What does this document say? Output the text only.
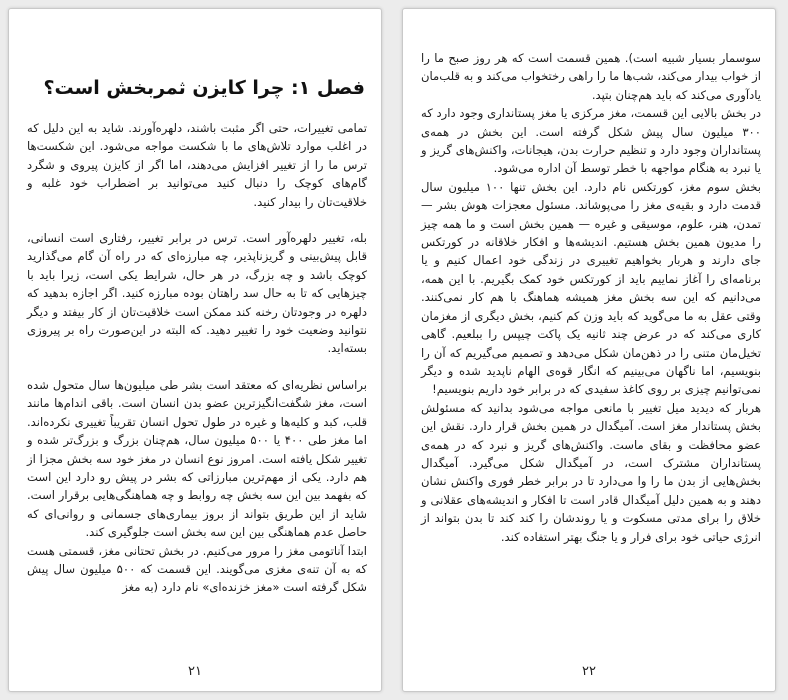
فصل ۱: چرا کایزن ثمربخش است؟

تمامی تغییرات، حتی اگر مثبت باشند، دلهره‌آورند. شاید به این دلیل که در اغلب موارد تلاش‌های ما با شکست مواجه می‌شود. این شکست‌ها ترس ما را از تغییر افزایش می‌دهند، اما اگر از کایزن پیروی و شگرد گام‌های کوچک را دنبال کنید می‌توانید بر اضطراب خود غلبه و خلاقیت‌تان را بیدار کنید.

بله، تغییر دلهره‌آور است. ترس در برابر تغییر، رفتاری است انسانی، قابل پیش‌بینی و گریزناپذیر، چه مبارزه‌ای که در راه آن گام می‌گذارید کوچک باشد و چه بزرگ، در هر حال، شرایط یکی است، زیرا باید با چیزهایی که تا به حال سد راهتان بوده مبارزه کنید. اگر اجازه بدهید که دلهره در وجودتان رخنه کند ممکن است خلاقیت‌تان از کار بیفتد و دیگر نتوانید وضعیت خود را تغییر دهید. که البته در این‌صورت راه بر پیروزی بسته‌اید.

براساس نظریه‌ای که معتقد است بشر طی میلیون‌ها سال متحول شده است، مغز شگفت‌انگیزترین عضو بدن انسان است. باقی اندام‌ها مانند قلب، کبد و کلیه‌ها و غیره در طول تحول انسان تقریباً تغییری نکرده‌اند. اما مغز طی ۴۰۰ یا ۵۰۰ میلیون سال، هم‌چنان بزرگ و بزرگ‌تر شده و تغییر شکل یافته است. امروز نوع انسان در مغز خود سه بخش مجزا از هم دارد. یکی از مهم‌ترین مبارزاتی که بشر در پیش رو دارد این است که بفهمد بین این سه بخش چه روابط و چه هماهنگی‌هایی برقرار است. شاید از این طریق بتواند از بروز بیماری‌های جسمانی و روانی‌ای که حاصل عدم هماهنگی بین این سه بخش است جلوگیری کند.

ابتدا آناتومی مغز را مرور می‌کنیم. در بخش تحتانی مغز، قسمتی هست که به آن تنه‌ی مغزی می‌گویند. این قسمت که ۵۰۰ میلیون سال پیش شکل گرفته است «مغز خزنده‌ای» نام دارد (به مغز

۲۱

سوسمار بسیار شبیه است). همین قسمت است که هر روز صبح ما را از خواب بیدار می‌کند، شب‌ها ما را راهی رختخواب می‌کند و به قلب‌مان یادآوری می‌کند که باید هم‌چنان بتپد.

در بخش بالایی این قسمت، مغز مرکزی یا مغز پستانداری وجود دارد که ۳۰۰ میلیون سال پیش شکل گرفته است. این بخش در همه‌ی پستانداران وجود دارد و تنظیم حرارت بدن، هیجانات، واکنش‌های گریز و یا نبرد به هنگام مواجهه با خطر توسط آن اداره می‌شود.

بخش سوم مغز، کورتکس نام دارد. این بخش تنها ۱۰۰ میلیون سال قدمت دارد و بقیه‌ی مغز را می‌پوشاند. مسئول معجزات هوش بشر — تمدن، هنر، علوم، موسیقی و غیره — همین بخش است و ما همه چیز را مدیون همین بخش هستیم. اندیشه‌ها و افکار خلاقانه در کورتکس جای دارند و هربار بخواهیم تغییری در زندگی خود اعمال کنیم و یا برنامه‌ای را آغاز نماییم باید از کورتکس خود کمک بگیریم. با این همه، می‌دانیم که این سه بخش مغز همیشه هماهنگ با هم کار نمی‌کنند. وقتی عقل به ما می‌گوید که باید وزن کم کنیم، بخش دیگری از مغزمان کاری می‌کند که در عرض چند ثانیه یک پاکت چیپس را ببلعیم. گاهی تخیل‌مان متنی را در ذهن‌مان شکل می‌دهد و تصمیم می‌گیریم که آن را بنویسیم، اما ناگهان می‌بینیم که انگار قوه‌ی الهام ناپدید شده و دیگر نمی‌توانیم چیزی بر روی کاغذ سفیدی که در برابر خود داریم بنویسیم!

هربار که دیدید میل تغییر با مانعی مواجه می‌شود بدانید که مسئولش بخش پستاندار مغز است. آمیگدال در همین بخش قرار دارد. نقش این عضو محافظت و بقای ماست. واکنش‌های گریز و نبرد که در همه‌ی پستانداران مشترک است، در آمیگدال شکل می‌گیرد. آمیگدال بخش‌هایی از بدن ما را وا می‌دارد تا در برابر خطر فوری واکنش نشان دهند و به همین دلیل آمیگدال قادر است تا افکار و اندیشه‌های عقلانی و خلاق را برای مدتی مسکوت و یا روندشان را کند کند تا بدن بتواند از انرژی حیاتی خود برای فرار و یا جنگ بهتر استفاده کند.

۲۲
